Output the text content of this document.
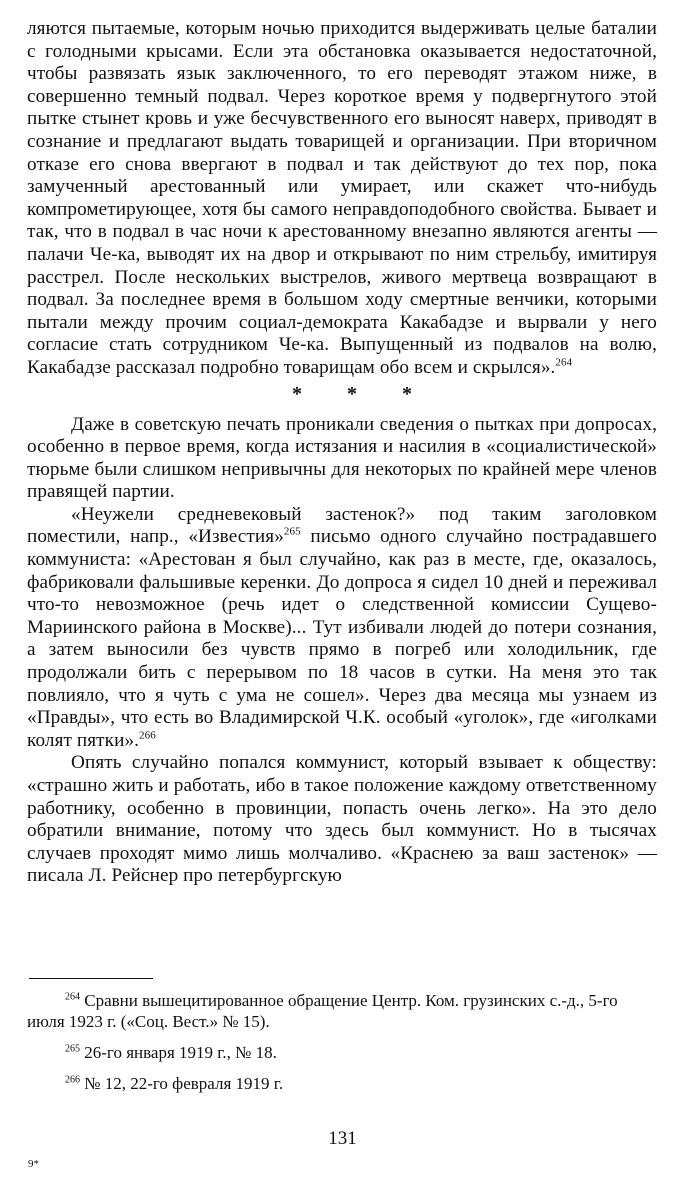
ляются пытаемые, которым ночью приходится выдерживать целые баталии с голодными крысами. Если эта обстановка оказывается недостаточной, чтобы развязать язык заключенного, то его переводят этажом ниже, в совершенно темный подвал. Через короткое время у подвергнутого этой пытке стынет кровь и уже бесчувственного его выносят наверх, приводят в сознание и предлагают выдать товарищей и организации. При вторичном отказе его снова ввергают в подвал и так действуют до тех пор, пока замученный арестованный или умирает, или скажет что-нибудь компрометирующее, хотя бы самого неправдоподобного свойства. Бывает и так, что в подвал в час ночи к арестованному внезапно являются агенты — палачи Че-ка, выводят их на двор и открывают по ним стрельбу, имитируя расстрел. После нескольких выстрелов, живого мертвеца возвращают в подвал. За последнее время в большом ходу смертные венчики, которыми пытали между прочим социал-демократа Какабадзе и вырвали у него согласие стать сотрудником Че-ка. Выпущенный из подвалов на волю, Какабадзе рассказал подробно товарищам обо всем и скрылся».$^{264}$

* * *

Даже в советскую печать проникали сведения о пытках при допросах, особенно в первое время, когда истязания и насилия в «социалистической» тюрьме были слишком непривычны для некоторых по крайней мере членов правящей партии.

«Неужели средневековый застенок?» под таким заголовком поместили, напр., «Известия»$^{265}$ письмо одного случайно пострадавшего коммуниста: «Арестован я был случайно, как раз в месте, где, оказалось, фабриковали фальшивые керенки. До допроса я сидел 10 дней и переживал что-то невозможное (речь идет о следственной комиссии Сущево-Мариинского района в Москве)... Тут избивали людей до потери сознания, а затем выносили без чувств прямо в погреб или холодильник, где продолжали бить с перерывом по 18 часов в сутки. На меня это так повлияло, что я чуть с ума не сошел». Через два месяца мы узнаем из «Правды», что есть во Владимирской Ч.К. особый «уголок», где «иголками колят пятки».$^{266}$

Опять случайно попался коммунист, который взывает к обществу: «страшно жить и работать, ибо в такое положение каждому ответственному работнику, особенно в провинции, попасть очень легко». На это дело обратили внимание, потому что здесь был коммунист. Но в тысячах случаев проходят мимо лишь молчаливо. «Краснею за ваш застенок» — писала Л. Рейснер про петербургскую

$^{264}$ Сравни вышецитированное обращение Центр. Ком. грузинских с.-д., 5-го июля 1923 г. («Соц. Вест.» № 15).

$^{265}$ 26-го января 1919 г., № 18.

$^{266}$ № 12, 22-го февраля 1919 г.

131
9*
